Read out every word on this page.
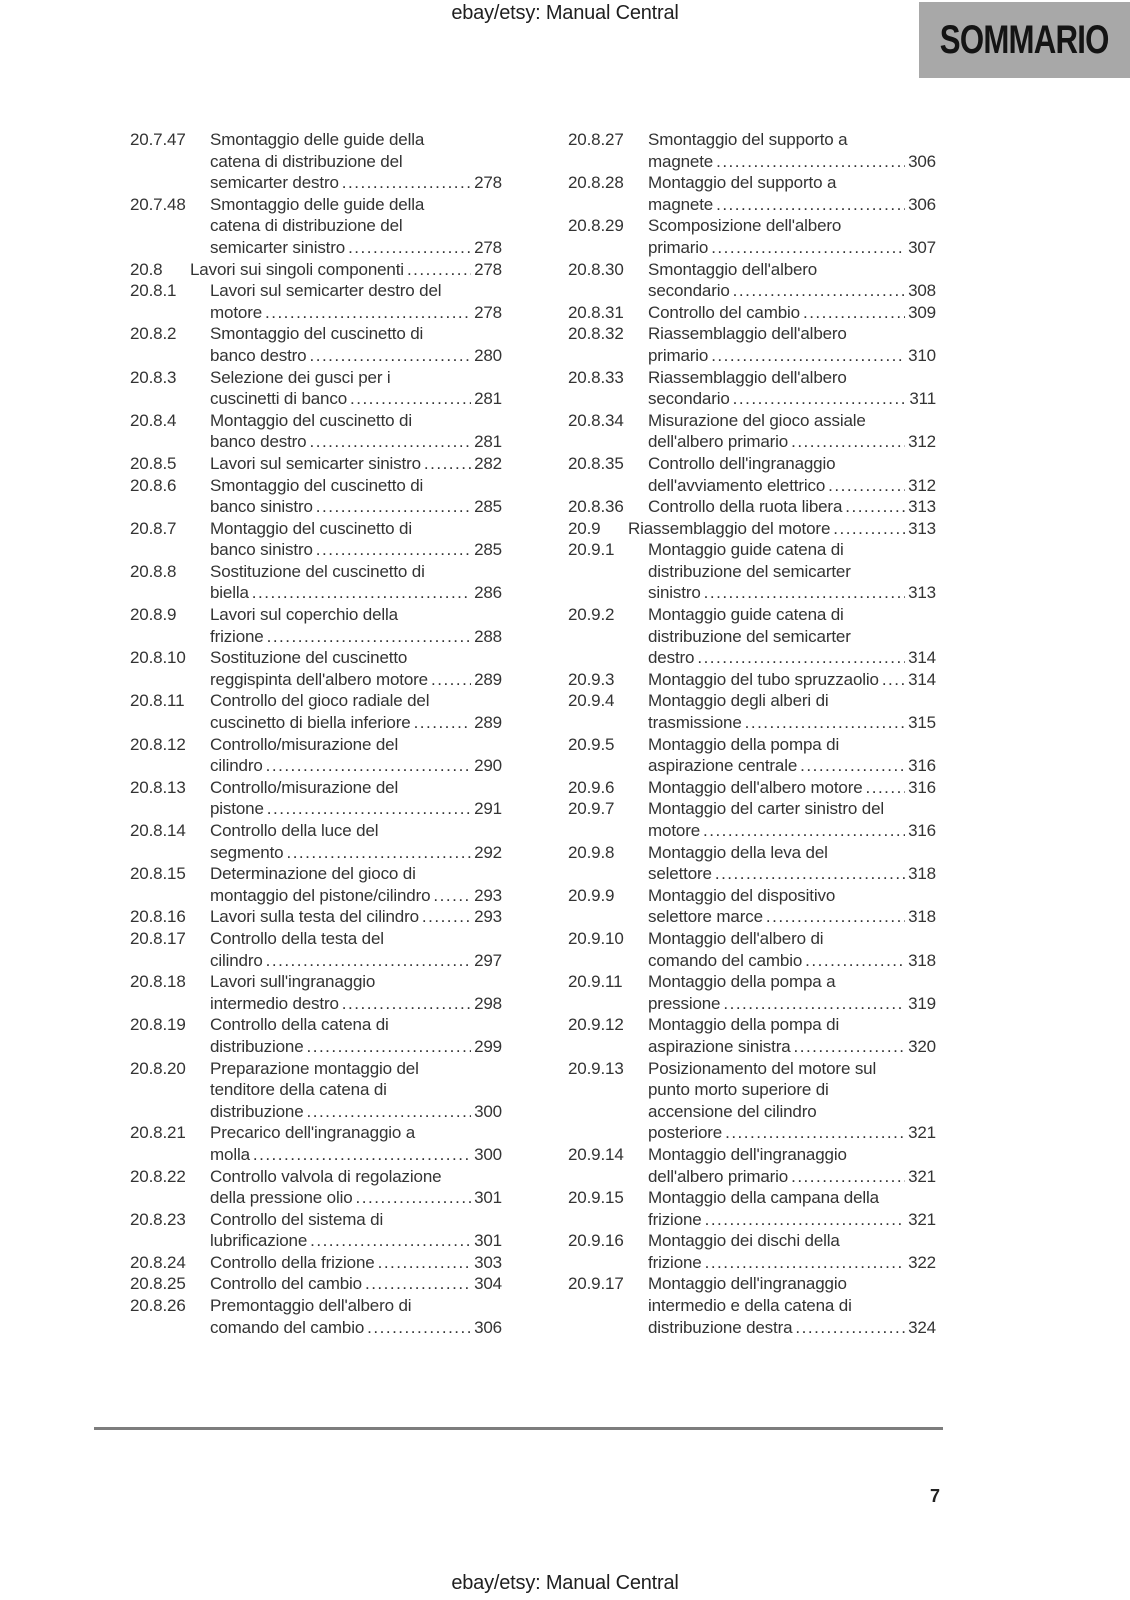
ebay/etsy: Manual Central
SOMMARIO
20.7.47	Smontaggio delle guide della
catena di distribuzione del
semicarter destro .....	278
20.7.48	Smontaggio delle guide della
catena di distribuzione del
semicarter sinistro .....	278
20.8	Lavori sui singoli componenti .....	278
20.8.1	Lavori sul semicarter destro del
motore .....	278
20.8.2	Smontaggio del cuscinetto di
banco destro .....	280
20.8.3	Selezione dei gusci per i
cuscinetti di banco .....	281
20.8.4	Montaggio del cuscinetto di
banco destro .....	281
20.8.5	Lavori sul semicarter sinistro .....	282
20.8.6	Smontaggio del cuscinetto di
banco sinistro .....	285
20.8.7	Montaggio del cuscinetto di
banco sinistro .....	285
20.8.8	Sostituzione del cuscinetto di
biella .....	286
20.8.9	Lavori sul coperchio della
frizione .....	288
20.8.10	Sostituzione del cuscinetto
reggispinta dell'albero motore .....	289
20.8.11	Controllo del gioco radiale del
cuscinetto di biella inferiore .....	289
20.8.12	Controllo/misurazione del
cilindro .....	290
20.8.13	Controllo/misurazione del
pistone .....	291
20.8.14	Controllo della luce del
segmento .....	292
20.8.15	Determinazione del gioco di
montaggio del pistone/cilindro .....	293
20.8.16	Lavori sulla testa del cilindro .....	293
20.8.17	Controllo della testa del
cilindro .....	297
20.8.18	Lavori sull'ingranaggio
intermedio destro .....	298
20.8.19	Controllo della catena di
distribuzione .....	299
20.8.20	Preparazione montaggio del
tenditore della catena di
distribuzione .....	300
20.8.21	Precarico dell'ingranaggio a
molla .....	300
20.8.22	Controllo valvola di regolazione
della pressione olio .....	301
20.8.23	Controllo del sistema di
lubrificazione .....	301
20.8.24	Controllo della frizione .....	303
20.8.25	Controllo del cambio .....	304
20.8.26	Premontaggio dell'albero di
comando del cambio .....	306
20.8.27	Smontaggio del supporto a
magnete .....	306
20.8.28	Montaggio del supporto a
magnete .....	306
20.8.29	Scomposizione dell'albero
primario .....	307
20.8.30	Smontaggio dell'albero
secondario .....	308
20.8.31	Controllo del cambio .....	309
20.8.32	Riassemblaggio dell'albero
primario .....	310
20.8.33	Riassemblaggio dell'albero
secondario .....	311
20.8.34	Misurazione del gioco assiale
dell'albero primario .....	312
20.8.35	Controllo dell'ingranaggio
dell'avviamento elettrico .....	312
20.8.36	Controllo della ruota libera .....	313
20.9	Riassemblaggio del motore .....	313
20.9.1	Montaggio guide catena di
distribuzione del semicarter
sinistro .....	313
20.9.2	Montaggio guide catena di
distribuzione del semicarter
destro .....	314
20.9.3	Montaggio del tubo spruzzaolio ..... 314
20.9.4	Montaggio degli alberi di
trasmissione .....	315
20.9.5	Montaggio della pompa di
aspirazione centrale .....	316
20.9.6	Montaggio dell'albero motore .....	316
20.9.7	Montaggio del carter sinistro del
motore .....	316
20.9.8	Montaggio della leva del
selettore .....	318
20.9.9	Montaggio del dispositivo
selettore marce .....	318
20.9.10	Montaggio dell'albero di
comando del cambio .....	318
20.9.11	Montaggio della pompa a
pressione .....	319
20.9.12	Montaggio della pompa di
aspirazione sinistra .....	320
20.9.13	Posizionamento del motore sul
punto morto superiore di
accensione del cilindro
posteriore .....	321
20.9.14	Montaggio dell'ingranaggio
dell'albero primario .....	321
20.9.15	Montaggio della campana della
frizione .....	321
20.9.16	Montaggio dei dischi della
frizione .....	322
20.9.17	Montaggio dell'ingranaggio
intermedio e della catena di
distribuzione destra .....	324
7
ebay/etsy: Manual Central
